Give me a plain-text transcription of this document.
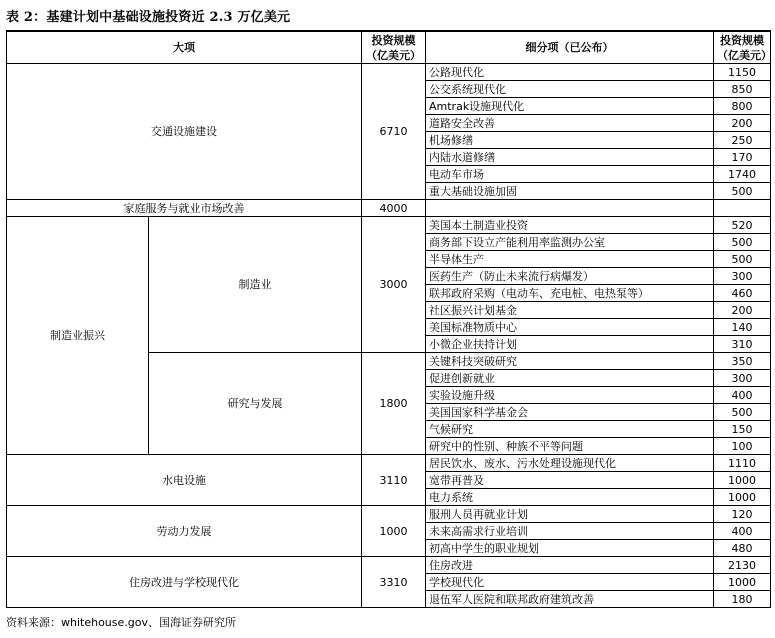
表 2：基建计划中基础设施投资近 2.3 万亿美元
大项		投资规模（亿美元）	细分项（已公布）	投资规模（亿美元）
交通设施建设		6710	公路现代化	1150
			公交系统现代化	850
			Amtrak设施现代化	800
			道路安全改善	200
			机场修缮	250
			内陆水道修缮	170
			电动车市场	1740
			重大基础设施加固	500
家庭服务与就业市场改善		4000		
制造业振兴	制造业	3000	美国本土制造业投资	520
			商务部下设立产能利用率监测办公室	500
			半导体生产	500
			医药生产（防止未来流行病爆发）	300
			联邦政府采购（电动车、充电桩、电热泵等）	460
			社区振兴计划基金	200
			美国标准物质中心	140
			小微企业扶持计划	310
	研究与发展	1800	关键科技突破研究	350
			促进创新就业	300
			实验设施升级	400
			美国国家科学基金会	500
			气候研究	150
			研究中的性别、种族不平等问题	100
水电设施		3110	居民饮水、废水、污水处理设施现代化	1110
			宽带再普及	1000
			电力系统	1000
劳动力发展		1000	服刑人员再就业计划	120
			未来高需求行业培训	400
			初高中学生的职业规划	480
住房改进与学校现代化		3310	住房改进	2130
			学校现代化	1000
			退伍军人医院和联邦政府建筑改善	180
资料来源：whitehouse.gov、国海证券研究所
